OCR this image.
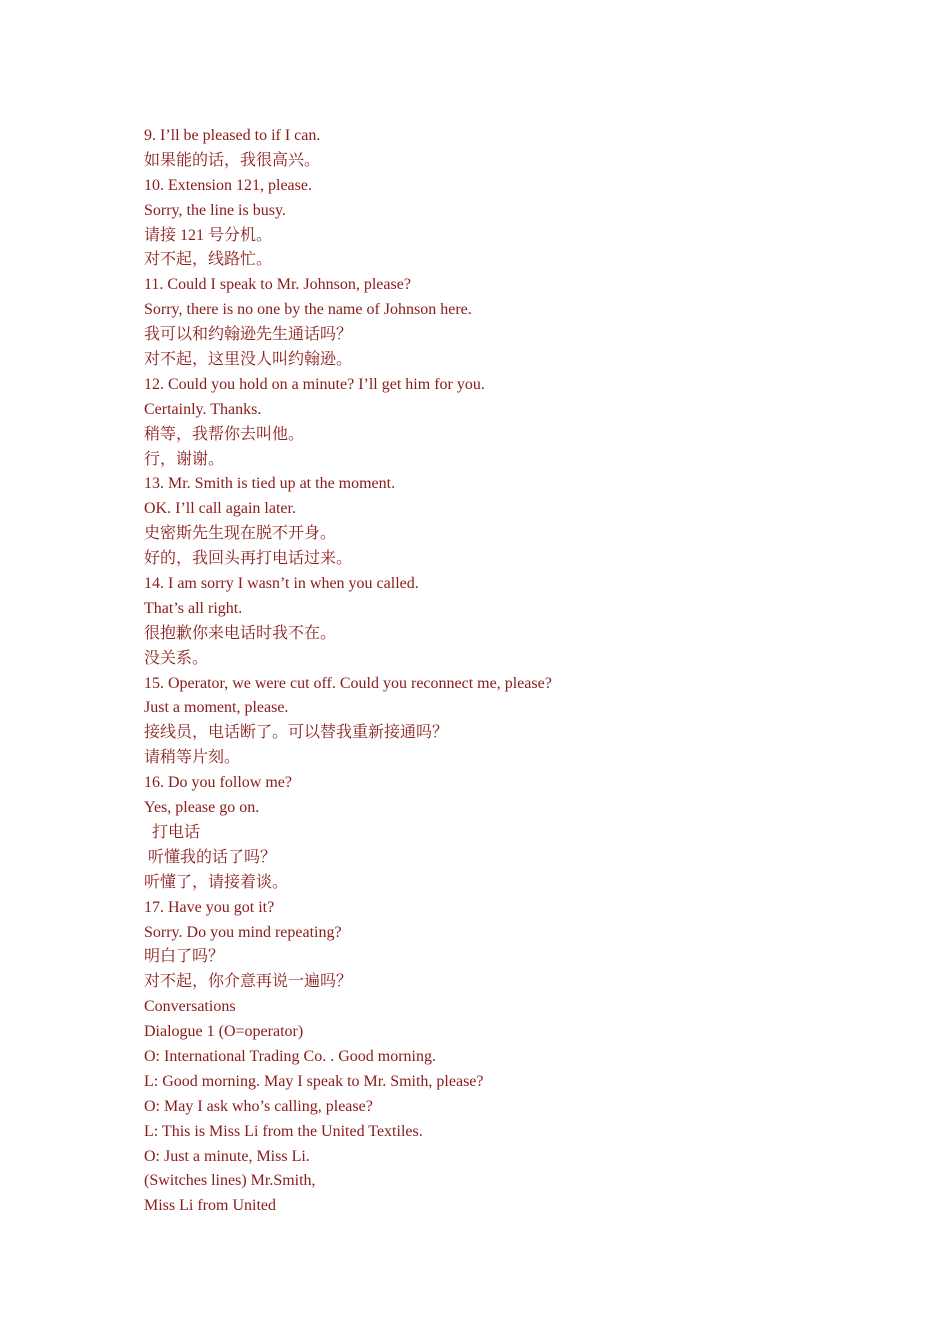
9. I’ll be pleased to if I can.
如果能的话，我很高兴。
10. Extension 121, please.
Sorry, the line is busy.
请接 121 号分机。
对不起，线路忙。
11. Could I speak to Mr. Johnson, please?
Sorry, there is no one by the name of Johnson here.
我可以和约翰逊先生通话吗？
对不起，这里没人叫约翰逊。
12. Could you hold on a minute? I’ll get him for you.
Certainly. Thanks.
稍等，我帮你去叫他。
行，谢谢。
13. Mr. Smith is tied up at the moment.
OK. I’ll call again later.
史密斯先生现在脱不开身。
好的，我回头再打电话过来。
14. I am sorry I wasn’t in when you called.
That’s all right.
很抱歉你来电话时我不在。
没关系。
15. Operator, we were cut off. Could you reconnect me, please?
Just a moment, please.
接线员，电话断了。可以替我重新接通吗？
请稍等片刻。
16. Do you follow me?
Yes, please go on.
打电话
听懂我的话了吗？
听懂了，请接着谈。
17. Have you got it?
Sorry. Do you mind repeating?
明白了吗？
对不起，你介意再说一遍吗？
Conversations
Dialogue 1 (O=operator)
O: International Trading Co. . Good morning.
L: Good morning. May I speak to Mr. Smith, please?
O: May I ask who’s calling, please?
L: This is Miss Li from the United Textiles.
O: Just a minute, Miss Li.
(Switches lines) Mr.Smith,
Miss Li from United
